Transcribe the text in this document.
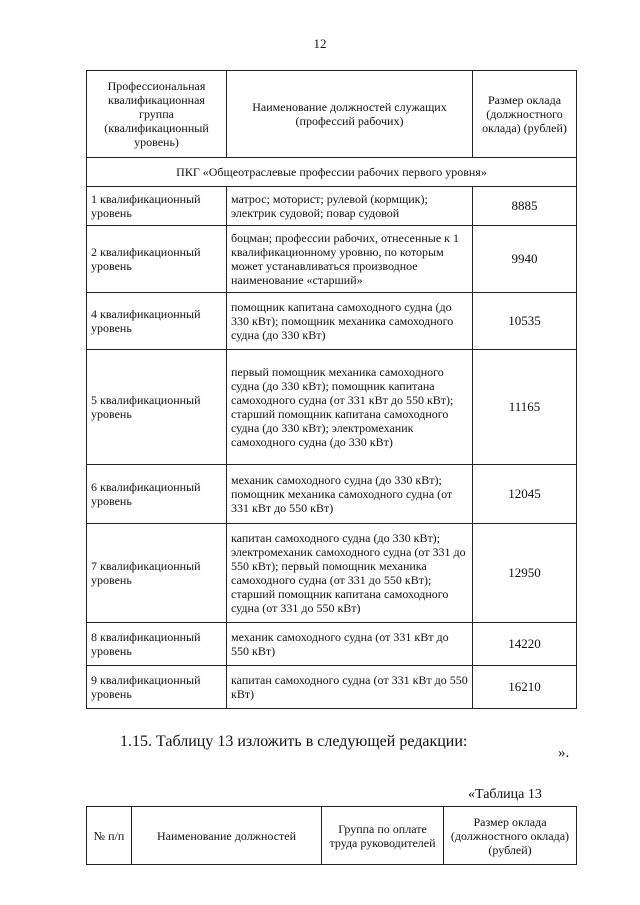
12
Профессиональная квалификационная группа (квалификационный уровень)	Наименование должностей служащих (профессий рабочих)	Размер оклада (должностного оклада) (рублей)
ПКГ «Общеотраслевые профессии рабочих первого уровня»		
1 квалификационный уровень	матрос; моторист; рулевой (кормщик); электрик судовой; повар судовой	8885
2 квалификационный уровень	боцман; профессии рабочих, отнесенные к 1 квалификационному уровню, по которым может устанавливаться производное наименование «старший»	9940
4 квалификационный уровень	помощник капитана самоходного судна (до 330 кВт); помощник механика самоходного судна (до 330 кВт)	10535
5 квалификационный уровень	первый помощник механика самоходного судна (до 330 кВт); помощник капитана самоходного судна (от 331 кВт до 550 кВт); старший помощник капитана самоходного судна (до 330 кВт); электромеханик самоходного судна (до 330 кВт)	11165
6 квалификационный уровень	механик самоходного судна (до 330 кВт); помощник механика самоходного судна (от 331 кВт до 550 кВт)	12045
7 квалификационный уровень	капитан самоходного судна (до 330 кВт); электромеханик самоходного судна (от 331 до 550 кВт); первый помощник механика самоходного судна (от 331 до 550 кВт); старший помощник капитана самоходного судна (от 331 до 550 кВт)	12950
8 квалификационный уровень	механик самоходного судна (от 331 кВт до 550 кВт)	14220
9 квалификационный уровень	капитан самоходного судна (от 331 кВт до 550 кВт)	16210
».
1.15. Таблицу 13 изложить в следующей редакции:
«Таблица 13
№ п/п	Наименование должностей	Группа по оплате труда руководителей	Размер оклада (должностного оклада) (рублей)
